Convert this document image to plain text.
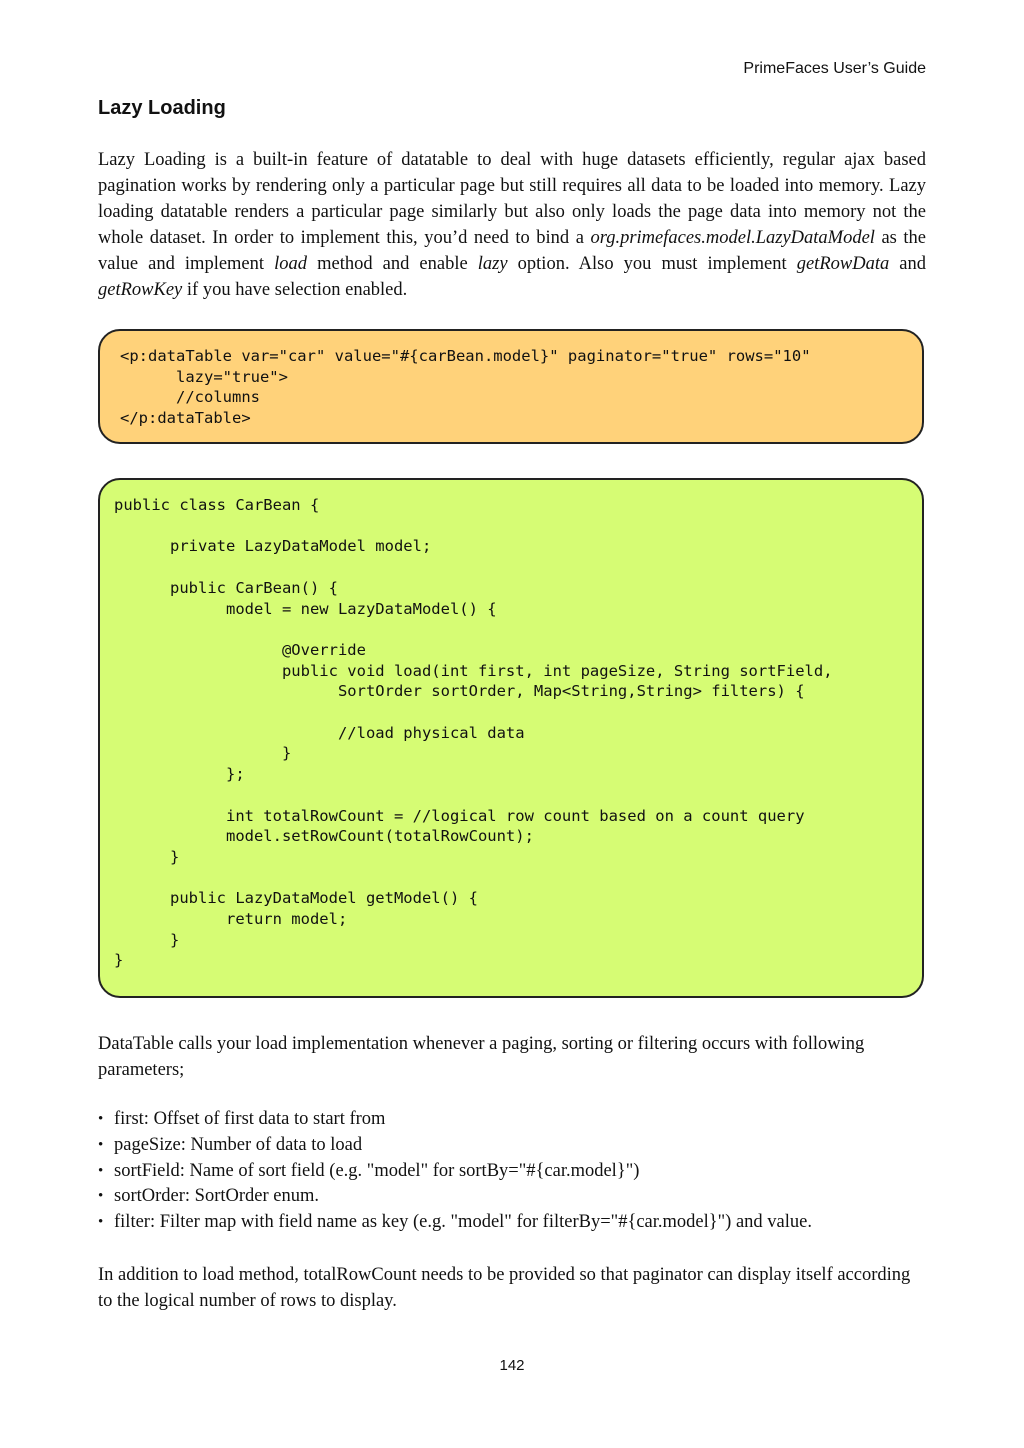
PrimeFaces User’s Guide
Lazy Loading
Lazy Loading is a built-in feature of datatable to deal with huge datasets efficiently, regular ajax based pagination works by rendering only a particular page but still requires all data to be loaded into memory. Lazy loading datatable renders a particular page similarly but also only loads the page data into memory not the whole dataset. In order to implement this, you’d need to bind a org.primefaces.model.LazyDataModel as the value and implement load method and enable lazy option. Also you must implement getRowData and getRowKey if you have selection enabled.
<p:dataTable var="car" value="#{carBean.model}" paginator="true" rows="10"
lazy="true">
//columns
</p:dataTable>
public class CarBean {

private LazyDataModel model;

public CarBean() {
model = new LazyDataModel() {

@Override
public void load(int first, int pageSize, String sortField,
SortOrder sortOrder, Map<String,String> filters) {

//load physical data
}
};

int totalRowCount = //logical row count based on a count query
model.setRowCount(totalRowCount);
}

public LazyDataModel getModel() {
return model;
}
}
DataTable calls your load implementation whenever a paging, sorting or filtering occurs with following parameters;
• first: Offset of first data to start from
• pageSize: Number of data to load
• sortField: Name of sort field (e.g. "model" for sortBy="#{car.model}")
• sortOrder: SortOrder enum.
• filter: Filter map with field name as key (e.g. "model" for filterBy="#{car.model}") and value.
In addition to load method, totalRowCount needs to be provided so that paginator can display itself according to the logical number of rows to display.
142
